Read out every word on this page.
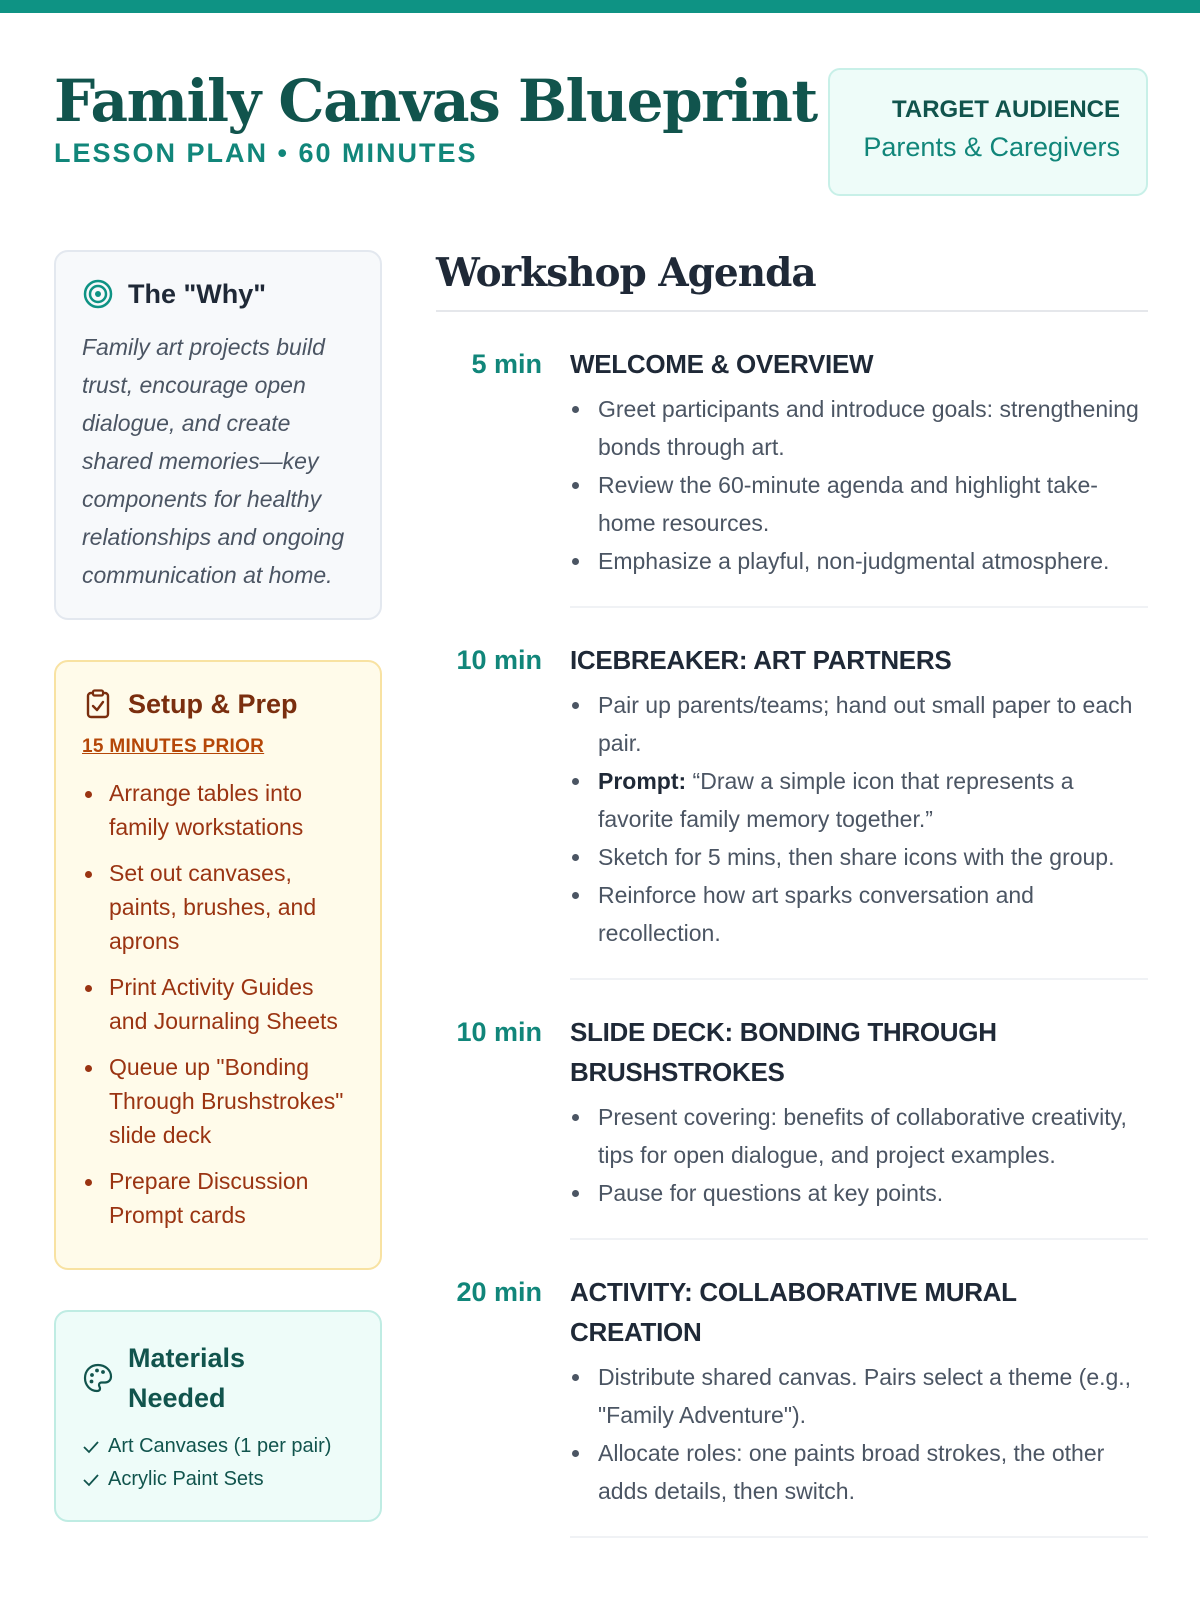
Family Canvas Blueprint
LESSON PLAN • 60 MINUTES
TARGET AUDIENCE
Parents & Caregivers
The "Why"
Family art projects build trust, encourage open dialogue, and create shared memories—key components for healthy relationships and ongoing communication at home.
Setup & Prep
15 MINUTES PRIOR
Arrange tables into family workstations
Set out canvases, paints, brushes, and aprons
Print Activity Guides and Journaling Sheets
Queue up "Bonding Through Brushstrokes" slide deck
Prepare Discussion Prompt cards
Materials Needed
Art Canvases (1 per pair)
Acrylic Paint Sets
Workshop Agenda
5 min	WELCOME & OVERVIEW
Greet participants and introduce goals: strengthening bonds through art.
Review the 60-minute agenda and highlight take-home resources.
Emphasize a playful, non-judgmental atmosphere.
10 min	ICEBREAKER: ART PARTNERS
Pair up parents/teams; hand out small paper to each pair.
Prompt: “Draw a simple icon that represents a favorite family memory together.”
Sketch for 5 mins, then share icons with the group.
Reinforce how art sparks conversation and recollection.
10 min	SLIDE DECK: BONDING THROUGH BRUSHSTROKES
Present covering: benefits of collaborative creativity, tips for open dialogue, and project examples.
Pause for questions at key points.
20 min	ACTIVITY: COLLABORATIVE MURAL CREATION
Distribute shared canvas. Pairs select a theme (e.g., "Family Adventure").
Allocate roles: one paints broad strokes, the other adds details, then switch.
